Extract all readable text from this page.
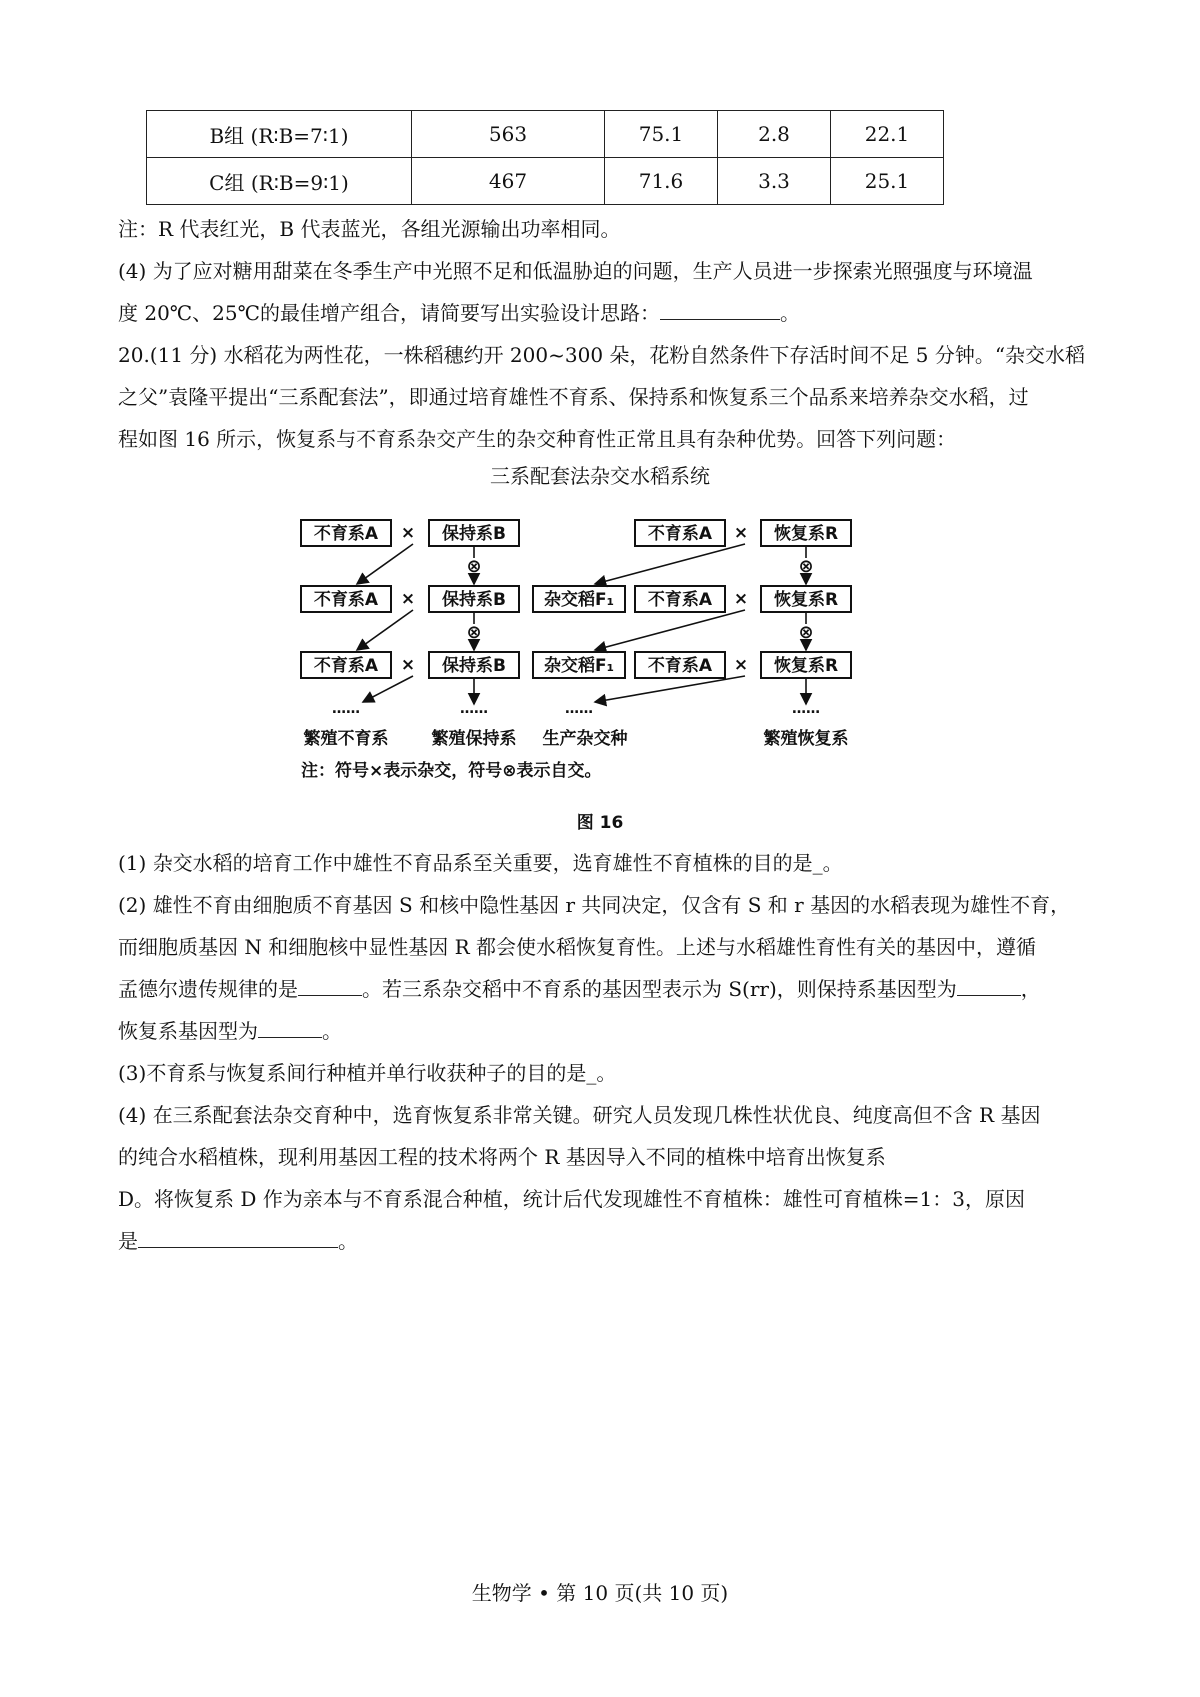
B组 (R∶B=7∶1)	563	75.1	2.8	22.1
C组 (R∶B=9∶1)	467	71.6	3.3	25.1
注：R 代表红光，B 代表蓝光，各组光源输出功率相同。
(4) 为了应对糖用甜菜在冬季生产中光照不足和低温胁迫的问题，生产人员进一步探索光照强度与环境温
度 20℃、25℃的最佳增产组合，请简要写出实验设计思路：	。
20.(11 分) 水稻花为两性花，一株稻穗约开 200~300 朵，花粉自然条件下存活时间不足 5 分钟。“杂交水稻
之父”袁隆平提出“三系配套法”，即通过培育雄性不育系、保持系和恢复系三个品系来培养杂交水稻，过
程如图 16 所示，恢复系与不育系杂交产生的杂交种育性正常且具有杂种优势。回答下列问题：
三系配套法杂交水稻系统
不育系A
不育系A
不育系A
×
×
×
保持系B
保持系B
保持系B
⊗
⊗
杂交稻F₁
杂交稻F₁
不育系A
不育系A
不育系A
×
×
×
恢复系R
恢复系R
恢复系R
⊗
⊗
……	……	……	……
繁殖不育系	繁殖保持系 生产杂交种	繁殖恢复系
注：符号×表示杂交，符号⊗表示自交。
图 16
(1) 杂交水稻的培育工作中雄性不育品系至关重要，选育雄性不育植株的目的是_。
(2) 雄性不育由细胞质不育基因 S 和核中隐性基因 r 共同决定，仅含有 S 和 r 基因的水稻表现为雄性不育，
而细胞质基因 N 和细胞核中显性基因 R 都会使水稻恢复育性。上述与水稻雄性育性有关的基因中，遵循
孟德尔遗传规律的是	。若三系杂交稻中不育系的基因型表示为 S(rr)，则保持系基因型为	，
恢复系基因型为	。
(3)不育系与恢复系间行种植并单行收获种子的目的是_。
(4) 在三系配套法杂交育种中，选育恢复系非常关键。研究人员发现几株性状优良、纯度高但不含 R 基因
的纯合水稻植株，现利用基因工程的技术将两个 R 基因导入不同的植株中培育出恢复系
D。将恢复系 D 作为亲本与不育系混合种植，统计后代发现雄性不育植株：雄性可育植株=1：3，原因
是	。
生物学 • 第 10 页(共 10 页)
